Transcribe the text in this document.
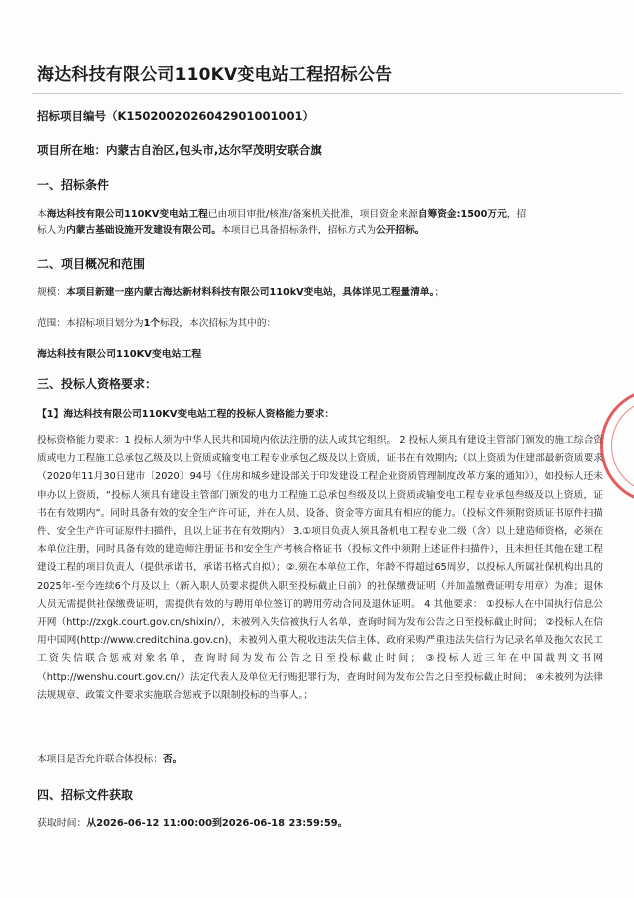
海达科技有限公司110KV变电站工程招标公告
招标项目编号（K1502002026042901001001）
项目所在地：内蒙古自治区,包头市,达尔罕茂明安联合旗
一、招标条件
本海达科技有限公司110KV变电站工程已由项目审批/核准/备案机关批准，项目资金来源自筹资金:1500万元，招
标人为内蒙古基础设施开发建设有限公司。本项目已具备招标条件，招标方式为公开招标。
二、项目概况和范围
规模：本项目新建一座内蒙古海达新材料科技有限公司110kV变电站，具体详见工程量清单。；
范围：本招标项目划分为1个标段，本次招标为其中的：
海达科技有限公司110KV变电站工程
三、投标人资格要求：
【1】海达科技有限公司110KV变电站工程的投标人资格能力要求：
投标资格能力要求：1 投标人须为中华人民共和国境内依法注册的法人或其它组织。 2 投标人须具有建设主管部门颁发的施工综合资质或电力工程施工总承包乙级及以上资质或输变电工程专业承包乙级及以上资质，证书在有效期内;（以上资质为住建部最新资质要求（2020年11月30日建市〔2020〕94号《住房和城乡建设部关于印发建设工程企业资质管理制度改革方案的通知》），如投标人还未申办以上资质，“投标人须具有建设主管部门颁发的电力工程施工总承包叁级及以上资质或输变电工程专业承包叁级及以上资质，证书在有效期内”。同时具备有效的安全生产许可证，并在人员、设备、资金等方面具有相应的能力。（投标文件须附资质证书原件扫描件、安全生产许可证原件扫描件，且以上证书在有效期内） 3.①项目负责人须具备机电工程专业二级（含）以上建造师资格，必须在本单位注册，同时具备有效的建造师注册证书和安全生产考核合格证书（投标文件中须附上述证件扫描件），且未担任其他在建工程建设工程的项目负责人（提供承诺书，承诺书格式自拟）；②.须在本单位工作，年龄不得超过65周岁，以投标人所属社保机构出具的2025年-至今连续6个月及以上（新入职人员要求提供入职至投标截止日前）的社保缴费证明（并加盖缴费证明专用章）为准；退休人员无需提供社保缴费证明，需提供有效的与聘用单位签订的聘用劳动合同及退休证明。 4 其他要求： ①投标人在中国执行信息公开网（http://zxgk.court.gov.cn/shixin/），未被列入失信被执行人名单，查询时间为发布公告之日至投标截止时间； ②投标人在信用中国网(http://www.creditchina.gov.cn)，未被列入重大税收违法失信主体、政府采购严重违法失信行为记录名单及拖欠农民工工资失信联合惩戒对象名单，查询时间为发布公告之日至投标截止时间； ③投标人近三年在中国裁判文书网（http://wenshu.court.gov.cn/）法定代表人及单位无行贿犯罪行为，查询时间为发布公告之日至投标截止时间； ④未被列为法律法规规章、政策文件要求实施联合惩戒予以限制投标的当事人。；
本项目是否允许联合体投标：否。
四、招标文件获取
获取时间：从2026-06-12 11:00:00到2026-06-18 23:59:59。
